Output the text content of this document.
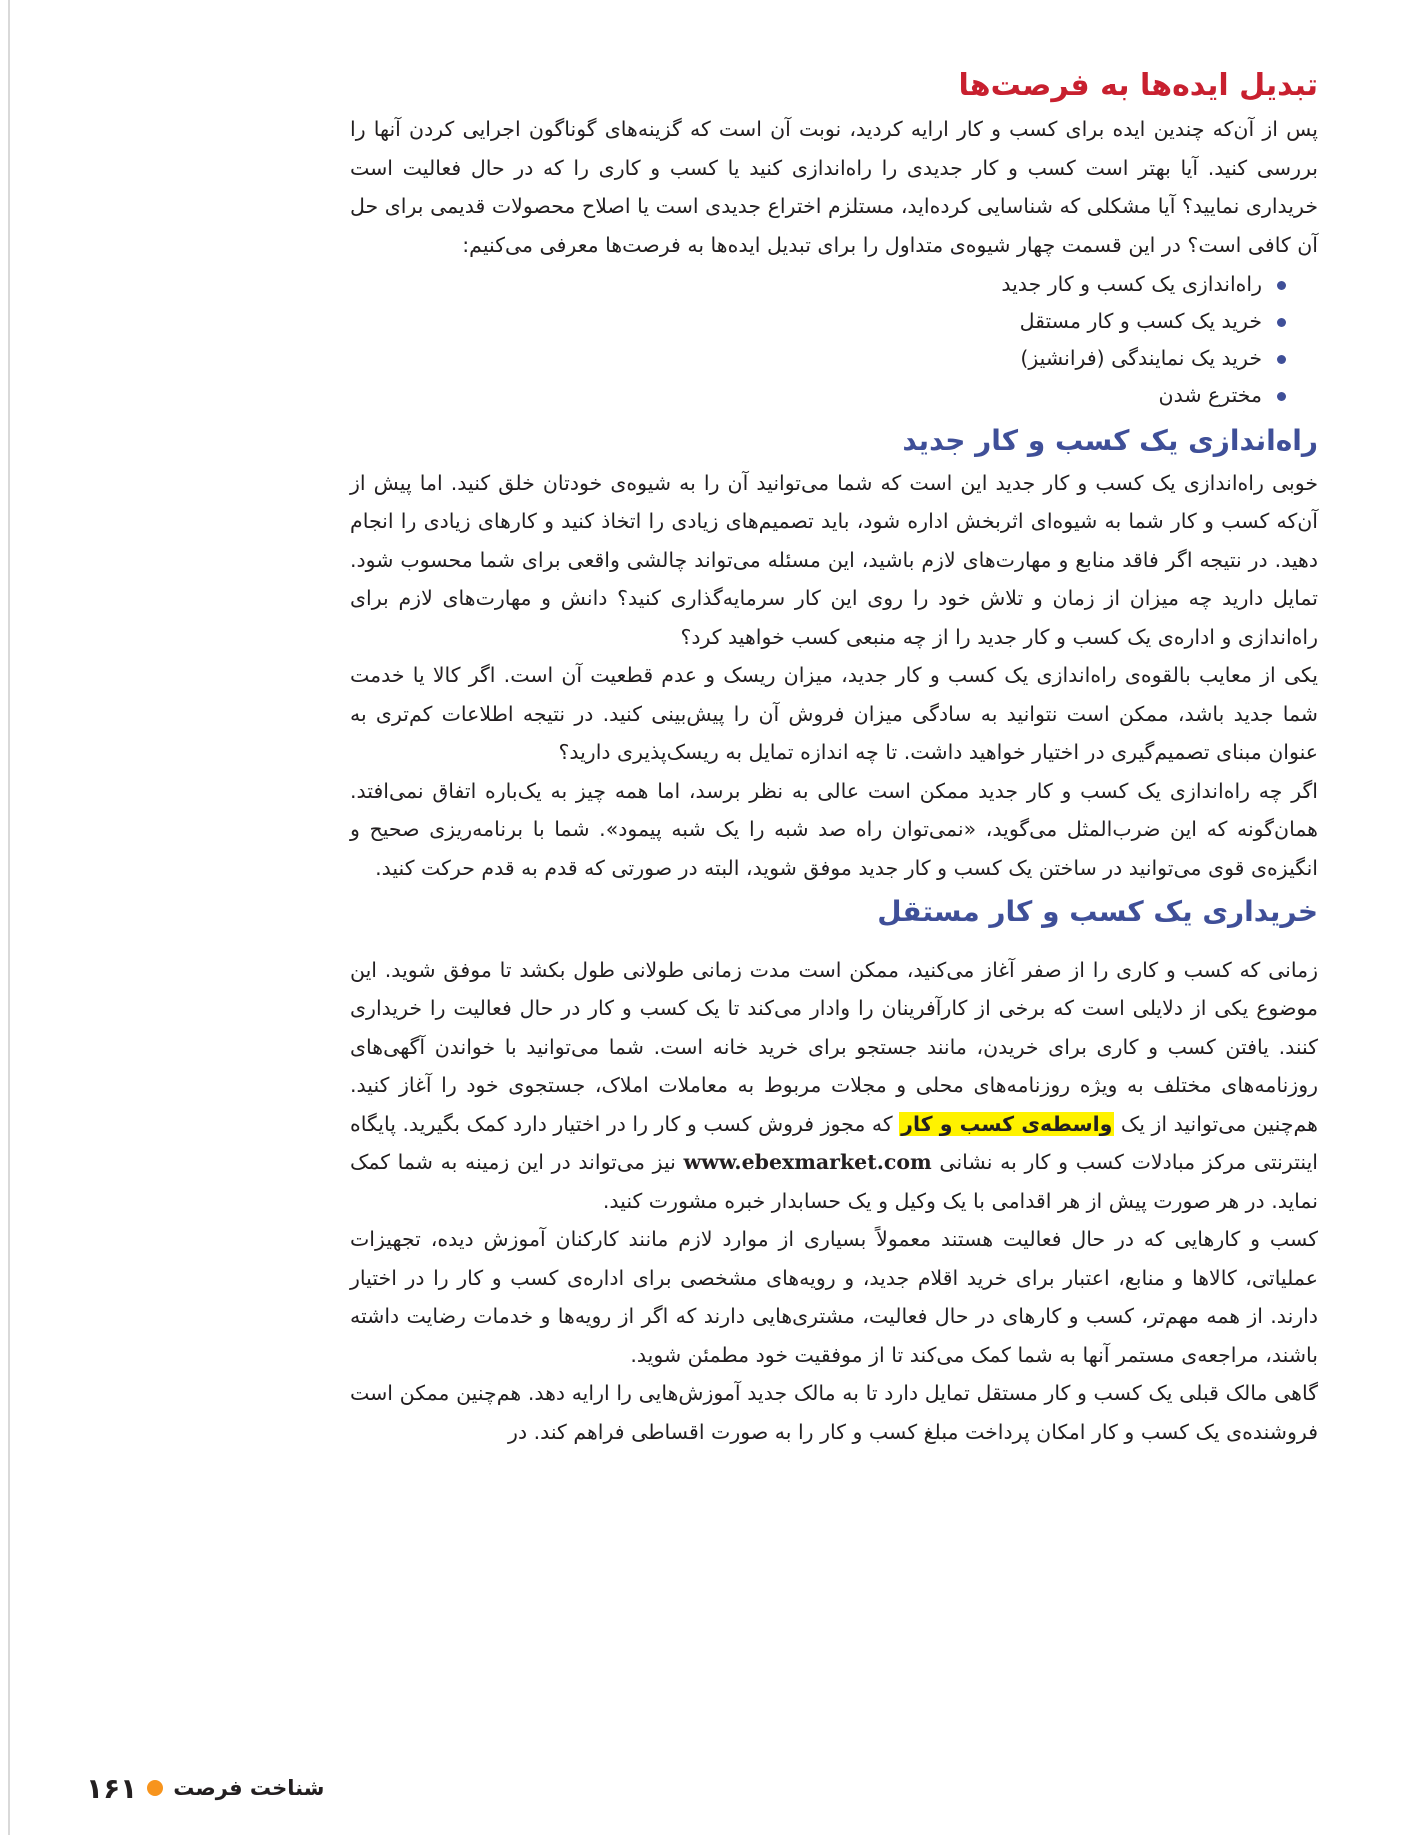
تبدیل ایده‌ها به فرصت‌ها

پس از آن‌که چندین ایده برای کسب و کار ارایه کردید، نوبت آن است که گزینه‌های گوناگون اجرایی کردن آنها را بررسی کنید. آیا بهتر است کسب و کار جدیدی را راه‌اندازی کنید یا کسب و کاری را که در حال فعالیت است خریداری نمایید؟ آیا مشکلی که شناسایی کرده‌اید، مستلزم اختراع جدیدی است یا اصلاح محصولات قدیمی برای حل آن کافی است؟ در این قسمت چهار شیوه‌ی متداول را برای تبدیل ایده‌ها به فرصت‌ها معرفی می‌کنیم:

راه‌اندازی یک کسب و کار جدید
خرید یک کسب و کار مستقل
خرید یک نمایندگی (فرانشیز)
مخترع شدن
راه‌اندازی یک کسب و کار جدید

خوبی راه‌اندازی یک کسب و کار جدید این است که شما می‌توانید آن را به شیوه‌ی خودتان خلق کنید. اما پیش از آن‌که کسب و کار شما به شیوه‌ای اثربخش اداره شود، باید تصمیم‌های زیادی را اتخاذ کنید و کارهای زیادی را انجام دهید. در نتیجه اگر فاقد منابع و مهارت‌های لازم باشید، این مسئله می‌تواند چالشی واقعی برای شما محسوب شود. تمایل دارید چه میزان از زمان و تلاش خود را روی این کار سرمایه‌گذاری کنید؟ دانش و مهارت‌های لازم برای راه‌اندازی و اداره‌ی یک کسب و کار جدید را از چه منبعی کسب خواهید کرد؟

یکی از معایب بالقوه‌ی راه‌اندازی یک کسب و کار جدید، میزان ریسک و عدم قطعیت آن است. اگر کالا یا خدمت شما جدید باشد، ممکن است نتوانید به سادگی میزان فروش آن را پیش‌بینی کنید. در نتیجه اطلاعات کم‌تری به عنوان مبنای تصمیم‌گیری در اختیار خواهید داشت. تا چه اندازه تمایل به ریسک‌پذیری دارید؟

اگر چه راه‌اندازی یک کسب و کار جدید ممکن است عالی به نظر برسد، اما همه چیز به یک‌باره اتفاق نمی‌افتد. همان‌گونه که این ضرب‌المثل می‌گوید، «نمی‌توان راه صد شبه را یک شبه پیمود». شما با برنامه‌ریزی صحیح و انگیزه‌ی قوی می‌توانید در ساختن یک کسب و کار جدید موفق شوید، البته در صورتی که قدم به قدم حرکت کنید.

خریداری یک کسب و کار مستقل

زمانی که کسب و کاری را از صفر آغاز می‌کنید، ممکن است مدت زمانی طولانی طول بکشد تا موفق شوید. این موضوع یکی از دلایلی است که برخی از کارآفرینان را وادار می‌کند تا یک کسب و کار در حال فعالیت را خریداری کنند. یافتن کسب و کاری برای خریدن، مانند جستجو برای خرید خانه است. شما می‌توانید با خواندن آگهی‌های روزنامه‌های مختلف به ویژه روزنامه‌های محلی و مجلات مربوط به معاملات املاک، جستجوی خود را آغاز کنید. هم‌چنین می‌توانید از یک واسطه‌ی کسب و کار که مجوز فروش کسب و کار را در اختیار دارد کمک بگیرید. پایگاه اینترنتی مرکز مبادلات کسب و کار به نشانی www.ebexmarket.com نیز می‌تواند در این زمینه به شما کمک نماید. در هر صورت پیش از هر اقدامی با یک وکیل و یک حسابدار خبره مشورت کنید.

کسب و کارهایی که در حال فعالیت هستند معمولاً بسیاری از موارد لازم مانند کارکنان آموزش دیده، تجهیزات عملیاتی، کالاها و منابع، اعتبار برای خرید اقلام جدید، و رویه‌های مشخصی برای اداره‌ی کسب و کار را در اختیار دارند. از همه مهم‌تر، کسب و کارهای در حال فعالیت، مشتری‌هایی دارند که اگر از رویه‌ها و خدمات رضایت داشته باشند، مراجعه‌ی مستمر آنها به شما کمک می‌کند تا از موفقیت خود مطمئن شوید.

گاهی مالک قبلی یک کسب و کار مستقل تمایل دارد تا به مالک جدید آموزش‌هایی را ارایه دهد. هم‌چنین ممکن است فروشنده‌ی یک کسب و کار امکان پرداخت مبلغ کسب و کار را به صورت اقساطی فراهم کند. در

۱۶۱ شناخت فرصت
